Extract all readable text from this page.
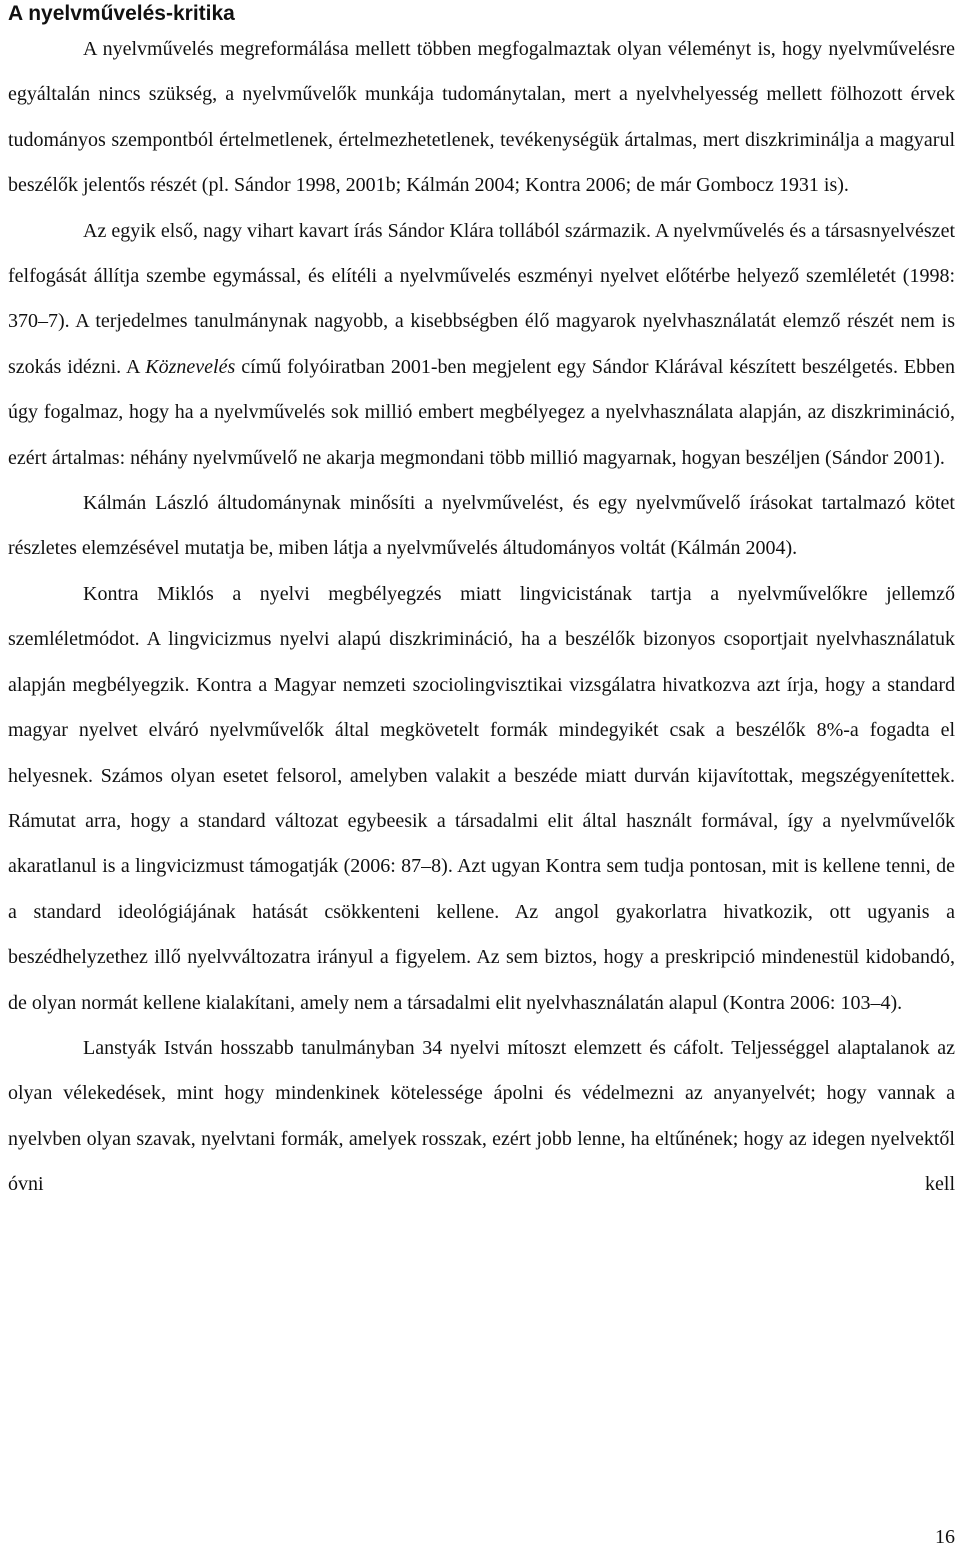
A nyelvművelés-kritika

A nyelvművelés megreformálása mellett többen megfogalmaztak olyan véleményt is, hogy nyelvművelésre egyáltalán nincs szükség, a nyelvművelők munkája tudománytalan, mert a nyelvhelyesség mellett fölhozott érvek tudományos szempontból értelmetlenek, értelmezhetetlenek, tevékenységük ártalmas, mert diszkriminálja a magyarul beszélők jelentős részét (pl. Sándor 1998, 2001b; Kálmán 2004; Kontra 2006; de már Gombocz 1931 is).

Az egyik első, nagy vihart kavart írás Sándor Klára tollából származik. A nyelvművelés és a társasnyelvészet felfogását állítja szembe egymással, és elítéli a nyelvművelés eszményi nyelvet előtérbe helyező szemléletét (1998: 370–7). A terjedelmes tanulmánynak nagyobb, a kisebbségben élő magyarok nyelvhasználatát elemző részét nem is szokás idézni. A Köznevelés című folyóiratban 2001-ben megjelent egy Sándor Klárával készített beszélgetés. Ebben úgy fogalmaz, hogy ha a nyelvművelés sok millió embert megbélyegez a nyelvhasználata alapján, az diszkrimináció, ezért ártalmas: néhány nyelvművelő ne akarja megmondani több millió magyarnak, hogyan beszéljen (Sándor 2001).

Kálmán László áltudománynak minősíti a nyelvművelést, és egy nyelvművelő írásokat tartalmazó kötet részletes elemzésével mutatja be, miben látja a nyelvművelés áltudományos voltát (Kálmán 2004).

Kontra Miklós a nyelvi megbélyegzés miatt lingvicistának tartja a nyelvművelőkre jellemző szemléletmódot. A lingvicizmus nyelvi alapú diszkrimináció, ha a beszélők bizonyos csoportjait nyelvhasználatuk alapján megbélyegzik. Kontra a Magyar nemzeti szociolingvisztikai vizsgálatra hivatkozva azt írja, hogy a standard magyar nyelvet elváró nyelvművelők által megkövetelt formák mindegyikét csak a beszélők 8%-a fogadta el helyesnek. Számos olyan esetet felsorol, amelyben valakit a beszéde miatt durván kijavítottak, megszégyenítettek. Rámutat arra, hogy a standard változat egybeesik a társadalmi elit által használt formával, így a nyelvművelők akaratlanul is a lingvicizmust támogatják (2006: 87–8). Azt ugyan Kontra sem tudja pontosan, mit is kellene tenni, de a standard ideológiájának hatását csökkenteni kellene. Az angol gyakorlatra hivatkozik, ott ugyanis a beszédhelyzethez illő nyelvváltozatra irányul a figyelem. Az sem biztos, hogy a preskripció mindenestül kidobandó, de olyan normát kellene kialakítani, amely nem a társadalmi elit nyelvhasználatán alapul (Kontra 2006: 103–4).

Lanstyák István hosszabb tanulmányban 34 nyelvi mítoszt elemzett és cáfolt. Teljességgel alaptalanok az olyan vélekedések, mint hogy mindenkinek kötelessége ápolni és védelmezni az anyanyelvét; hogy vannak a nyelvben olyan szavak, nyelvtani formák, amelyek rosszak, ezért jobb lenne, ha eltűnének; hogy az idegen nyelvektől óvni kell

16
